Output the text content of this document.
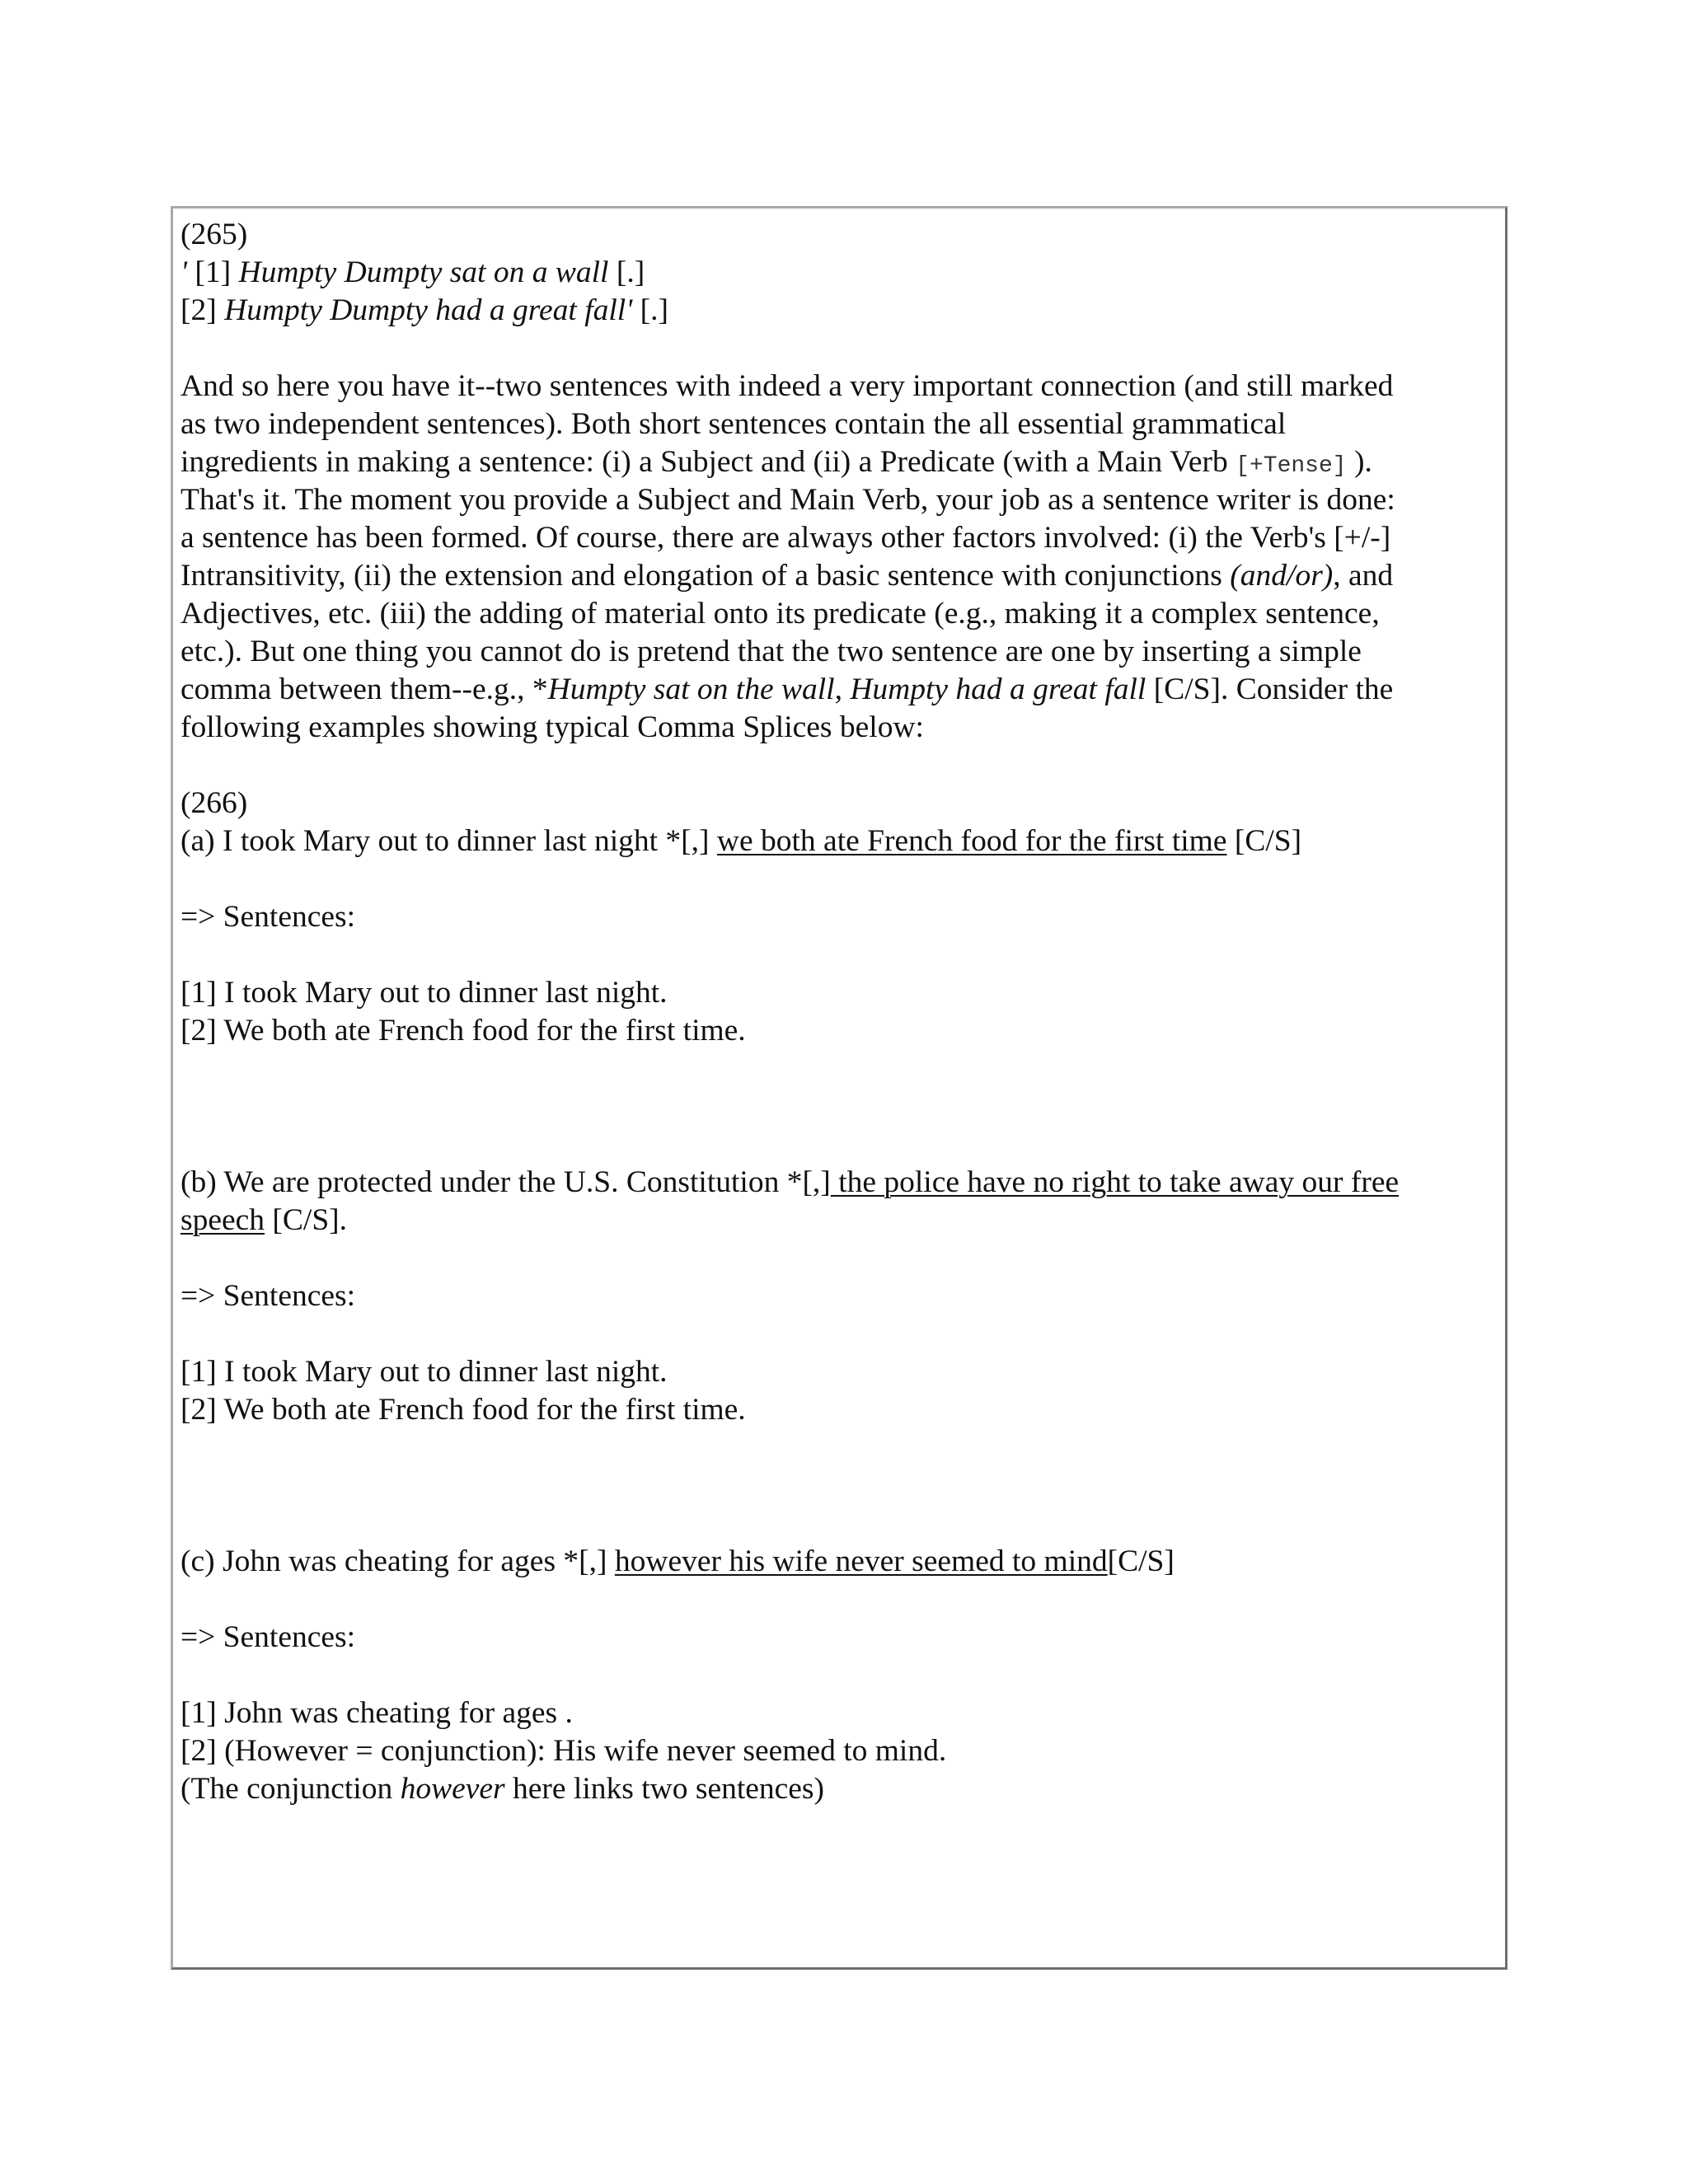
(265)
' [1] Humpty Dumpty sat on a wall [.]
[2] Humpty Dumpty had a great fall' [.]
And so here you have it--two sentences with indeed a very important connection (and still marked
as two independent sentences). Both short sentences contain the all essential grammatical
ingredients in making a sentence: (i) a Subject and (ii) a Predicate (with a Main Verb [+Tense] ).
That's it. The moment you provide a Subject and Main Verb, your job as a sentence writer is done:
a sentence has been formed. Of course, there are always other factors involved: (i) the Verb's [+/-]
Intransitivity, (ii) the extension and elongation of a basic sentence with conjunctions (and/or), and
Adjectives, etc. (iii) the adding of material onto its predicate (e.g., making it a complex sentence,
etc.). But one thing you cannot do is pretend that the two sentence are one by inserting a simple
comma between them--e.g., *Humpty sat on the wall, Humpty had a great fall [C/S]. Consider the
following examples showing typical Comma Splices below:
(266)
(a) I took Mary out to dinner last night *[,] we both ate French food for the first time [C/S]
=> Sentences:
[1] I took Mary out to dinner last night.
[2] We both ate French food for the first time.
(b) We are protected under the U.S. Constitution *[,] the police have no right to take away our free
speech [C/S].
=> Sentences:
[1] I took Mary out to dinner last night.
[2] We both ate French food for the first time.
(c) John was cheating for ages *[,] however his wife never seemed to mind[C/S]
=> Sentences:
[1] John was cheating for ages .
[2] (However = conjunction): His wife never seemed to mind.
(The conjunction however here links two sentences)
